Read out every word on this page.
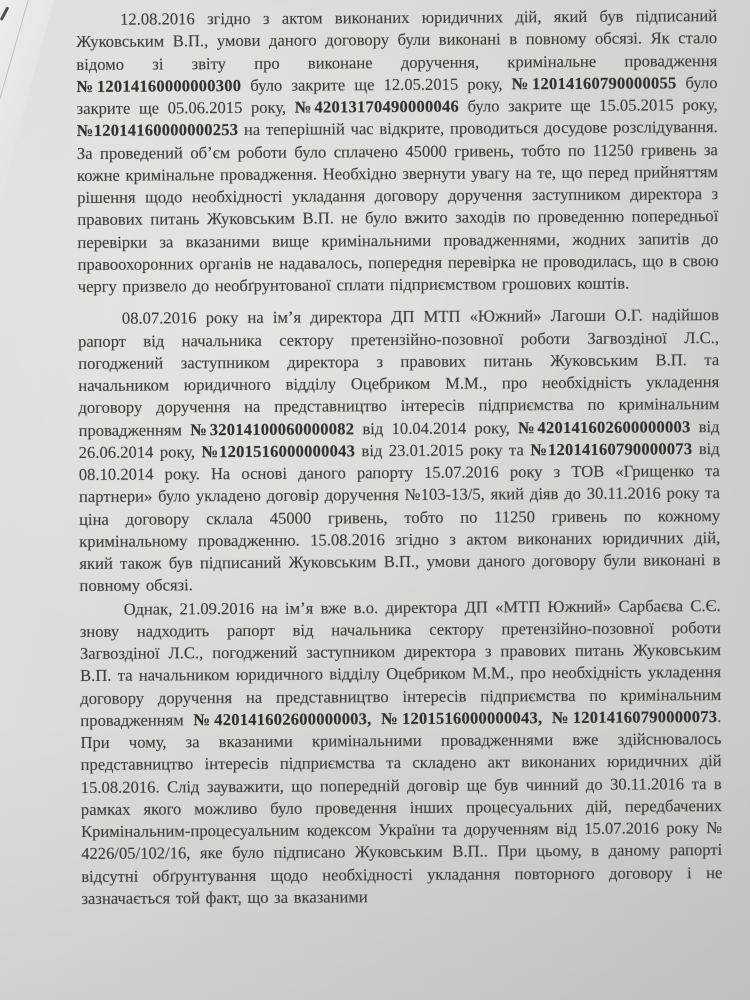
12.08.2016 згідно з актом виконаних юридичних дій, який був підписаний Жуковським В.П., умови даного договору були виконані в повному обсязі. Як стало відомо зі звіту про виконане доручення, кримінальне провадження №12014160000000300 було закрите ще 12.05.2015 року, №12014160790000055 було закрите ще 05.06.2015 року, №42013170490000046 було закрите ще 15.05.2015 року, №12014160000000253 на теперішній час відкрите, проводиться досудове розслідування. За проведений об’єм роботи було сплачено 45000 гривень, тобто по 11250 гривень за кожне кримінальне провадження. Необхідно звернути увагу на те, що перед прийняттям рішення щодо необхідності укладання договору доручення заступником директора з правових питань Жуковським В.П. не було вжито заходів по проведенню попередньої перевірки за вказаними вище кримінальними провадженнями, жодних запитів до правоохоронних органів не надавалось, попередня перевірка не проводилась, що в свою чергу призвело до необґрунтованої сплати підприємством грошових коштів.

08.07.2016 року на ім’я директора ДП МТП «Южний» Лагоши О.Г. надійшов рапорт від начальника сектору претензійно-позовної роботи Загвоздіної Л.С., погоджений заступником директора з правових питань Жуковським В.П. та начальником юридичного відділу Оцебриком М.М., про необхідність укладення договору доручення на представництво інтересів підприємства по кримінальним провадженням №32014100060000082 від 10.04.2014 року, №420141602600000003 від 26.06.2014 року, №1201516000000043 від 23.01.2015 року та №12014160790000073 від 08.10.2014 року. На основі даного рапорту 15.07.2016 року з ТОВ «Грищенко та партнери» було укладено договір доручення №103-13/5, який діяв до 30.11.2016 року та ціна договору склала 45000 гривень, тобто по 11250 гривень по кожному кримінальному провадженню. 15.08.2016 згідно з актом виконаних юридичних дій, який також був підписаний Жуковським В.П., умови даного договору були виконані в повному обсязі.

Однак, 21.09.2016 на ім’я вже в.о. директора ДП «МТП Южний» Сарбаєва С.Є. знову надходить рапорт від начальника сектору претензійно-позовної роботи Загвоздіної Л.С., погоджений заступником директора з правових питань Жуковським В.П. та начальником юридичного відділу Оцебриком М.М., про необхідність укладення договору доручення на представництво інтересів підприємства по кримінальним провадженням №420141602600000003, №1201516000000043, №12014160790000073. При чому, за вказаними кримінальними провадженнями вже здійснювалось представництво інтересів підприємства та складено акт виконаних юридичних дій 15.08.2016. Слід зауважити, що попередній договір ще був чинний до 30.11.2016 та в рамках якого можливо було проведення інших процесуальних дій, передбачених Кримінальним-процесуальним кодексом України та дорученням від 15.07.2016 року № 4226/05/102/16, яке було підписано Жуковським В.П.. При цьому, в даному рапорті відсутні обґрунтування щодо необхідності укладання повторного договору і не зазначається той факт, що за вказаними
